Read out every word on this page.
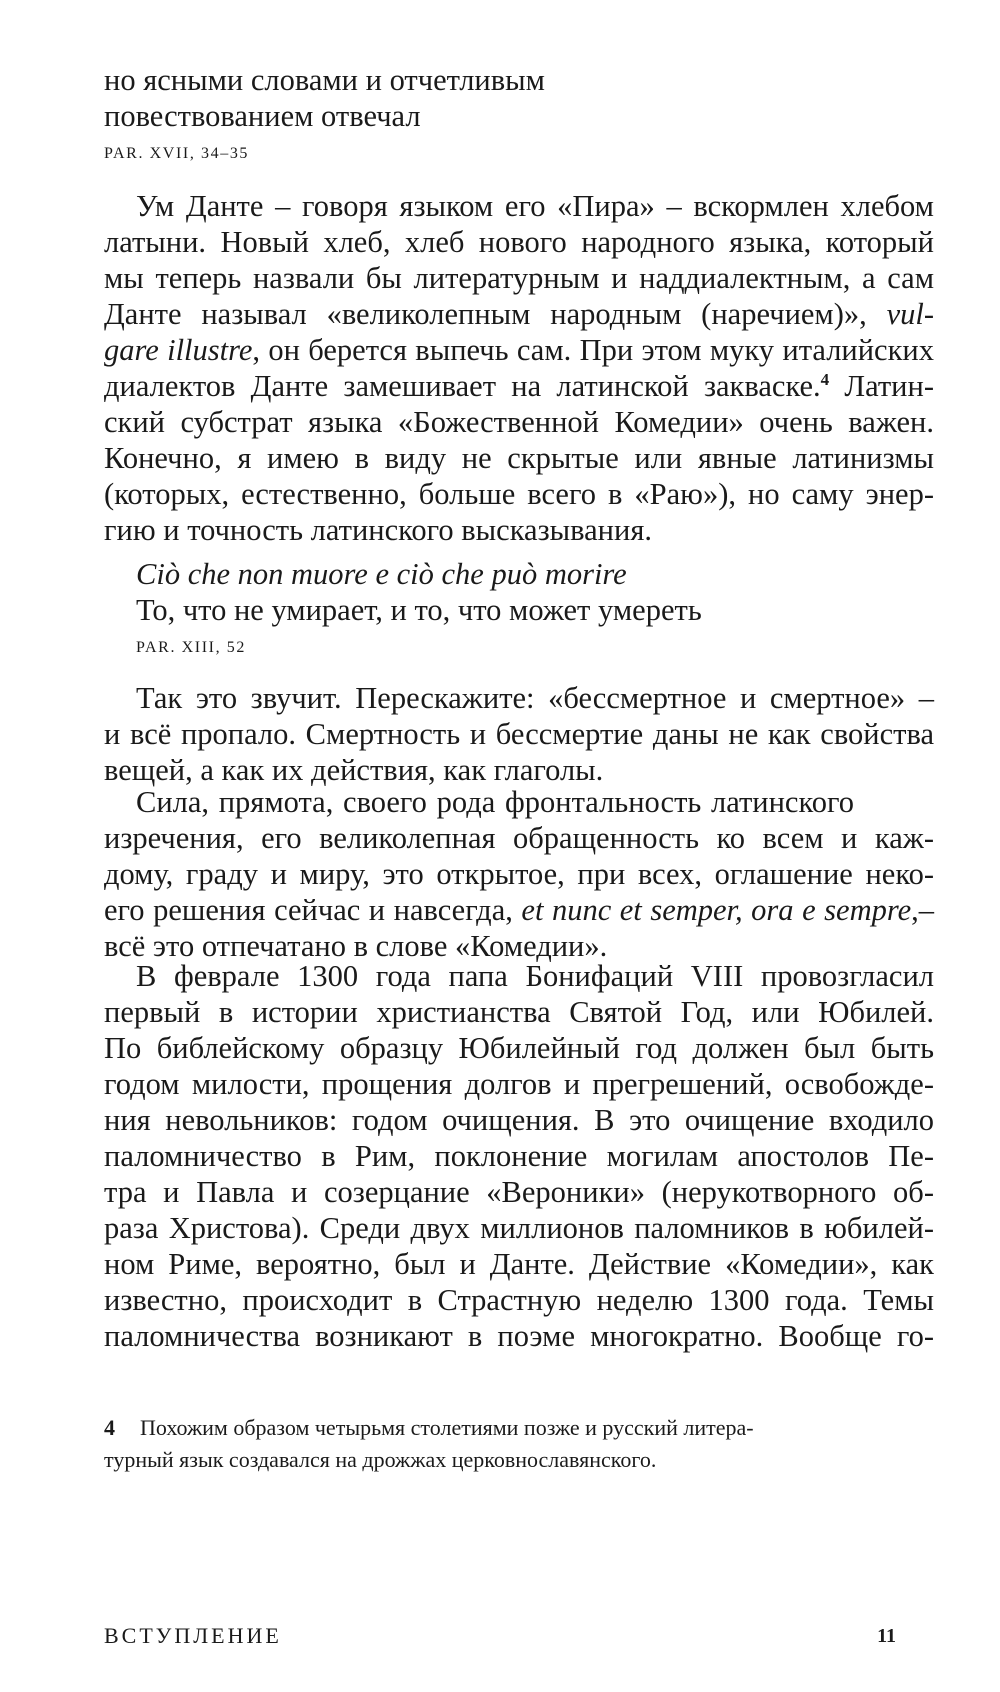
но ясными словами и отчетливым
повествованием отвечал
PAR. XVII, 34–35
Ум Данте – говоря языком его «Пира» – вскормлен хлебом
латыни. Новый хлеб, хлеб нового народного языка, который
мы теперь назвали бы литературным и наддиалектным, а сам
Данте называл «великолепным народным (наречием)», vul-
gare illustre, он берется выпечь сам. При этом муку италийских
диалектов Данте замешивает на латинской закваске.$^4$ Латин-
ский субстрат языка «Божественной Комедии» очень важен.
Конечно, я имею в виду не скрытые или явные латинизмы
(которых, естественно, больше всего в «Раю»), но саму энер-
гию и точность латинского высказывания.
Ciò che non muore e ciò che può morire
То, что не умирает, и то, что может умереть
PAR. XIII, 52
Так это звучит. Перескажите: «бессмертное и смертное» –
и всё пропало. Смертность и бессмертие даны не как свойства
вещей, а как их действия, как глаголы.
Сила, прямота, своего рода фронтальность латинского
изречения, его великолепная обращенность ко всем и каж-
дому, граду и миру, это открытое, при всех, оглашение неко-
его решения сейчас и навсегда, et nunc et semper, ora e sempre,–
всё это отпечатано в слове «Комедии».
В феврале 1300 года папа Бонифаций VIII провозгласил
первый в истории христианства Святой Год, или Юбилей.
По библейскому образцу Юбилейный год должен был быть
годом милости, прощения долгов и прегрешений, освобожде-
ния невольников: годом очищения. В это очищение входило
паломничество в Рим, поклонение могилам апостолов Пе-
тра и Павла и созерцание «Вероники» (нерукотворного об-
раза Христова). Среди двух миллионов паломников в юбилей-
ном Риме, вероятно, был и Данте. Действие «Комедии», как
известно, происходит в Страстную неделю 1300 года. Темы
паломничества возникают в поэме многократно. Вообще го-
4 Похожим образом четырьмя столетиями позже и русский литера-
турный язык создавался на дрожжах церковнославянского.
ВСТУПЛЕНИЕ	11
